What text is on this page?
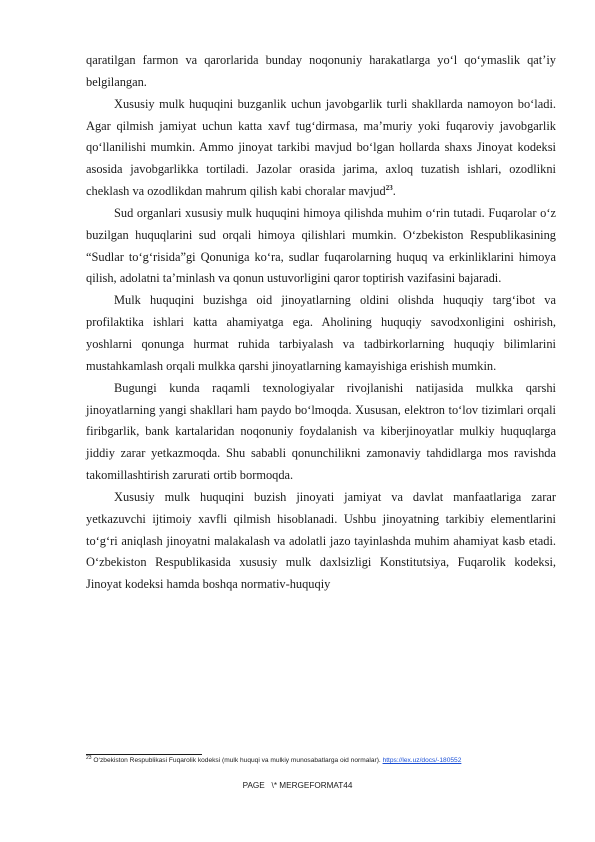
qaratilgan farmon va qarorlarida bunday noqonuniy harakatlarga yo‘l qo‘ymaslik qat’iy belgilangan.

Xususiy mulk huquqini buzganlik uchun javobgarlik turli shakllarda namoyon bo‘ladi. Agar qilmish jamiyat uchun katta xavf tug‘dirmasa, ma’muriy yoki fuqaroviy javobgarlik qo‘llanilishi mumkin. Ammo jinoyat tarkibi mavjud bo‘lgan hollarda shaxs Jinoyat kodeksi asosida javobgarlikka tortiladi. Jazolar orasida jarima, axloq tuzatish ishlari, ozodlikni cheklash va ozodlikdan mahrum qilish kabi choralar mavjud$^{23}$.

Sud organlari xususiy mulk huquqini himoya qilishda muhim o‘rin tutadi. Fuqarolar o‘z buzilgan huquqlarini sud orqali himoya qilishlari mumkin. O‘zbekiston Respublikasining “Sudlar to‘g‘risida”gi Qonuniga ko‘ra, sudlar fuqarolarning huquq va erkinliklarini himoya qilish, adolatni ta’minlash va qonun ustuvorligini qaror toptirish vazifasini bajaradi.

Mulk huquqini buzishga oid jinoyatlarning oldini olishda huquqiy targ‘ibot va profilaktika ishlari katta ahamiyatga ega. Aholining huquqiy savodxonligini oshirish, yoshlarni qonunga hurmat ruhida tarbiyalash va tadbirkorlarning huquqiy bilimlarini mustahkamlash orqali mulkka qarshi jinoyatlarning kamayishiga erishish mumkin.

Bugungi kunda raqamli texnologiyalar rivojlanishi natijasida mulkka qarshi jinoyatlarning yangi shakllari ham paydo bo‘lmoqda. Xususan, elektron to‘lov tizimlari orqali firibgarlik, bank kartalaridan noqonuniy foydalanish va kiberjinoyatlar mulkiy huquqlarga jiddiy zarar yetkazmoqda. Shu sababli qonunchilikni zamonaviy tahdidlarga mos ravishda takomillashtirish zarurati ortib bormoqda.

Xususiy mulk huquqini buzish jinoyati jamiyat va davlat manfaatlariga zarar yetkazuvchi ijtimoiy xavfli qilmish hisoblanadi. Ushbu jinoyatning tarkibiy elementlarini to‘g‘ri aniqlash jinoyatni malakalash va adolatli jazo tayinlashda muhim ahamiyat kasb etadi. O‘zbekiston Respublikasida xususiy mulk daxlsizligi Konstitutsiya, Fuqarolik kodeksi, Jinoyat kodeksi hamda boshqa normativ-huquqiy

$^{23}$ O‘zbekiston Respublikasi Fuqarolik kodeksi (mulk huquqi va mulkiy munosabatlarga oid normalar). https://lex.uz/docs/-180552
PAGE   \* MERGEFORMAT44
